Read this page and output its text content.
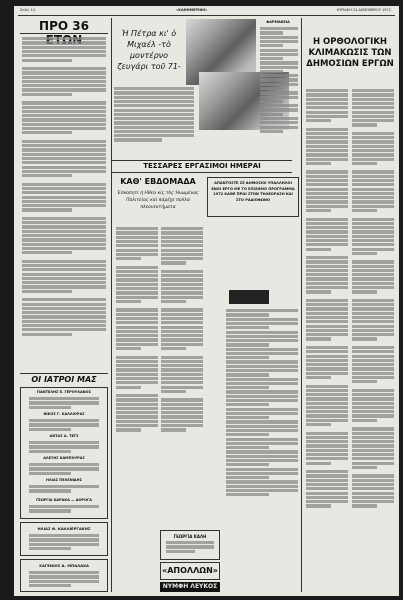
Σελίς 14	«ΚΑΘΗΜΕΡΙΝΗ»	ΚΥΡΙΑΚΗ 24 ΔΕΚΕΜΒΡΙΟΥ 1972
ΠΡΟ 36
ΟΙ ΙΑΤΡΟΙ ΜΑΣ
ΠΑΝΤΕΛΗΣ Ε. ΓΕΡΟΥΛΑΝΟΣ
ΝΙΚΟΣ Γ. ΚΑΛΛΙΟΡΑΣ
ΑΝΤΑΣ Α. ΤΕΓΣ
ΑΛΕΞΗΣ ΚΑΜΠΟΥΡΑΣ
ΗΛΙΑΣ ΠΕΛΕΝΙΔΗΣ
ΓΕΩΡΓΙΑ ΚΑΡΑΚΑ — ΔΟΡΟΓΑ
ΗΛΙΑΣ Θ. ΚΑΛΛΙΕΡΓΑΚΗΣ
ΧΑΓΕΝΙΟΣ Δ. ΜΠΑΛΑΚΑ
Ἡ Πέτρα κι' ὁ Μιχαέλ -τὸ μοντέρνο ζευγάρι τοῦ 71-
ΤΕΣΣΑΡΕΣ ΕΡΓΑΣΙΜΟΙ ΗΜΕΡΑΙ
ΚΑΘ' ΕΒΔΟΜΑΔΑ
Έσκοπητί ή Ηθεα κίς τὸς Ἡνωμένας Πολιτείας καὶ πάρέχε πολλὰ πλεονεκτήματα
ΑΠΑΝΤΟΣΤΕ ΣΕ ΔΗΜΟΣΙΟΙ ΥΠΑΛΛΗΛΟΙ ΕΝΟΙ ΕΡΓΟ ΜΕ ΤΟ ΕΠΙΣΗΜΟ ΠΡΟΓΡΑΜΜΑ 1972 ΚΑΘΕ ΠΡΩΙ ΣΤΗΝ ΤΗΛΕΟΡΑΣΗ ΚΑΙ ΣΤΟ ΡΑΔΙΟΦΩΝΟ
ΓΕΩΡΓΙΑ ΚΑΛΗ
«ΑΠΟΛΛΩΝ»
ΝΥΜΦΗ ΛΕΥΚΟΣ
ΦΑΡΜΑΚΕΙΑ
Η ΟΡΘΟΛΟΓΙΚΗ ΚΛΙΜΑΚΩΣΙΣ ΤΩΝ ΔΗΜΟΣΙΩΝ ΕΡΓΩΝ
